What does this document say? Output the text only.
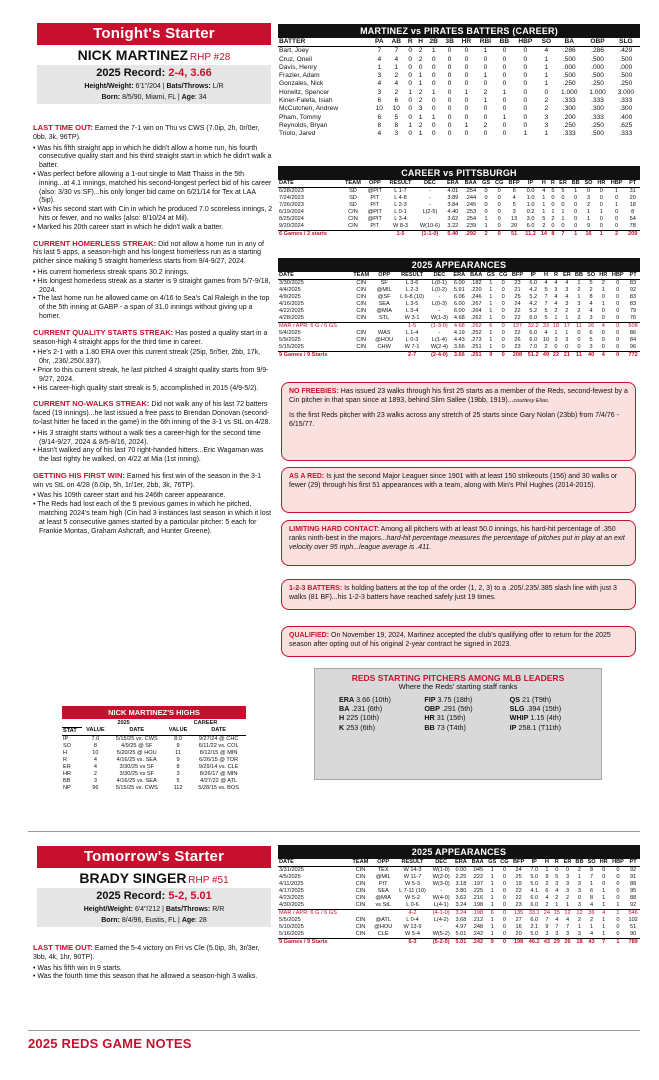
Tonight's Starter
NICK MARTINEZ RHP #28
2025 Record: 2-4, 3.66
Height/Weight: 6'1"/204 | Bats/Throws: L/R
Born: 8/5/90, Miami, FL | Age: 34

LAST TIME OUT: Earned the 7-1 win on Thu vs CWS (7.0ip, 2h, 0r/0er, 0bb, 3k, 96TP).

• Was his fifth straight app in which he didn't allow a home run, his fourth consecutive quality start and his third straight start in which he didn't walk a batter.
• Was perfect before allowing a 1-out single to Matt Thaiss in the 5th inning...at 4.1 innings, matched his second-longest perfect bid of his career (also: 3/30 vs SF)...his only longer bid came on 6/21/14 for Tex at LAA (5ip).
• Was his second start with Cin in which he produced 7.0 scoreless innings, 2 hits or fewer, and no walks (also: 8/10/24 at Mil).
• Marked his 20th career start in which he didn't walk a batter.

CURRENT HOMERLESS STREAK: Did not allow a home run in any of his last 5 apps, a season-high and his longest homerless run as a starting pitcher since making 5 straight homerless starts from 9/4-9/27, 2024.

• His current homerless streak spans 30.2 innings.
• His longest homerless streak as a starter is 9 straight games from 5/7-9/18, 2024.
• The last home run he allowed came on 4/16 to Sea's Cal Raleigh in the top of the 5th inning at GABP - a span of 31.0 innings without giving up a homer.

CURRENT QUALITY STARTS STREAK: Has posted a quality start in a season-high 4 straight apps for the third time in career.

• He's 2-1 with a 1.80 ERA over this current streak (25ip, 5r/5er, 2bb, 17k, 0hr, .236/.250/.337).
• Prior to this current streak, he last pitched 4 straight quality starts from 9/9-9/27, 2024.
• His career-high quality start streak is 5, accomplished in 2015 (4/9-5/2).

CURRENT NO-WALKS STREAK: Did not walk any of his last 72 batters faced (19 innings)...he last issued a free pass to Brendan Donovan (second-to-last hitter he faced in the game) in the 6th inning of the 3-1 vs StL on 4/28.

• His 3 straight starts without a walk ties a career-high for the second time (9/14-9/27, 2024 & 8/5-8/16, 2024).
• Hasn't walked any of his last 70 right-handed hitters...Eric Wagaman was the last righty he walked, on 4/22 at Mia (1st inning).

GETTING HIS FIRST WIN: Earned his first win of the season in the 3-1 win vs StL on 4/28 (6.0ip, 5h, 1r/1er, 2bb, 3k, 76TP).

• Was his 109th career start and his 246th career appearance.
• The Reds had lost each of the 5 previous games in which he pitched, matching 2024's team high (Cin had 3 instances last season in which it lost at least 5 consecutive games started by a particular pitcher: 5 each for Frankie Montas, Graham Ashcraft, and Hunter Greene).
NICK MARTINEZ'S HIGHS
	2025		CAREER	
STAT	VALUE	DATE	VALUE	DATE
IP	7.0	5/15/25 vs. CWS	8.0	9/27/24 @ CHC
SO	8	4/9/25 @ SF	9	6/11/22 vs. COL
H	10	5/20/25 @ HOU	11	8/12/15 @ MIN
R	4	4/16/25 vs. SEA	9	6/26/15 @ TOR
ER	4	3/30/25 vs SF	8	9/29/14 vs. CLE
HR	2	3/30/25 vs SF	3	8/26/17 @ MIN
BB	3	4/16/25 vs. SEA	5	4/27/22 @ ATL
NP	96	5/15/25 vs. CWS	112	5/28/15 vs. BOS
MARTINEZ vs PIRATES BATTERS (CAREER)
BATTER	PA	AB	R	H	2B	3B	HR	RBI	BB	HBP	SO	BA	OBP	SLG
Bart, Joey	7	7	0	2	1	0	0	1	0	0	4	.286	.286	.429
Cruz, Oneil	4	4	0	2	0	0	0	0	0	0	1	.500	.500	.500
Davis, Henry	1	1	0	0	0	0	0	0	0	0	1	.000	.000	.000
Frazier, Adam	3	2	0	1	0	0	0	1	0	0	1	.500	.500	.500
Gonzales, Nick	4	4	0	1	0	0	0	0	0	0	1	.250	.250	.250
Horwitz, Spencer	3	2	1	2	1	0	1	2	1	0	0	1.000	1.000	3.000
Kiner-Falefa, Isiah	6	6	0	2	0	0	0	1	0	0	2	.333	.333	.333
McCutchen, Andrew	10	10	0	3	0	0	0	0	0	0	2	.300	.300	.300
Pham, Tommy	6	5	0	1	1	0	0	0	1	0	3	.200	.333	.400
Reynolds, Bryan	8	8	1	2	0	0	1	2	0	0	3	.250	.250	.625
Triolo, Jared	4	3	0	1	0	0	0	0	0	1	1	.333	.500	.333
CAREER vs PITTSBURGH
DATE	TEAM	OPP	RESULT	DEC	ERA	BAA	GS	CG	BFP	IP	H	R	ER	BB	SO	HR	HBP	PT
6/28/2023	SD	@PIT	L 1-7	-	4.01	.254	0	0	6	0.0	4	5	5	1	0	0	1	31
7/24/2023	SD	PIT	L 4-8	-	3.89	.244	0	0	4	1.0	1	0	0	0	3	0	0	20
7/26/2023	SD	PIT	L 2-3	-	3.84	.245	0	0	5	1.0	1	0	0	0	2	0	1	18
6/19/2024	CIN	@PIT	L 0-1	L(2-5)	4.40	.253	0	0	3	0.2	1	1	1	0	1	1	0	8
8/25/2024	CIN	@PIT	L 3-4	-	3.62	.254	1	0	13	3.0	5	2	1	0	1	0	0	54
9/20/2024	CIN	PIT	W 8-3	W(10-6)	3.22	.239	1	0	20	6.0	2	0	0	0	9	0	0	78
6 Games / 2 starts			1-5	(1-1-0)	5.40	.292	2	0	51	11.2	14	8	7	1	16	1	2	209
2025 APPEARANCES
DATE	TEAM	OPP	RESULT	DEC	ERA	BAA	GS	CG	BFP	IP	H	R	ER	BB	SO	HR	HBP	PT
3/30/2025	CIN	SF	L 3-6	L(0-1)	6.00	.182	1	0	23	6.0	4	4	4	1	5	2	0	83
4/4/2025	CIN	@MIL	L 2-3	L(0-2)	5.91	.220	1	0	21	4.2	5	3	3	2	2	1	0	92
4/9/2025	CIN	@SF	L 6-8 (10)	-	6.06	.246	1	0	25	5.2	7	4	4	1	8	0	0	83
4/16/2025	CIN	SEA	L 3-5	L(0-3)	6.00	.267	1	0	24	4.2	7	4	3	3	4	1	0	83
4/22/2025	CIN	@MIA	L 3-4	-	6.00	.264	1	0	22	5.2	5	2	2	2	4	0	0	79
4/28/2025	CIN	STL	W 3-1	W(1-3)	4.68	.262	1	0	22	6.0	5	1	1	2	3	0	0	76
MAR / APR: 6 G / 6 GS			1-5	(1-3-0)	4.68	.262	6	0	137	32.2	33	18	17	11	26	4	0	508
5/4/2025	CIN	WAS	L 1-4	-	4.19	.252	1	0	22	6.0	4	1	1	0	6	0	0	86
5/9/2025	CIN	@HOU	L 0-3	L(1-4)	4.43	.273	1	0	26	6.0	10	3	3	0	5	0	0	84
5/15/2025	CIN	CHW	W 7-1	W(2-4)	3.66	.251	1	0	23	7.0	2	0	0	0	3	0	0	96
9 Games / 9 Starts			2-7	(2-4-0)	3.66	.251	9	0	208	51.2	49	22	21	11	40	4	0	772

NO FREEBIES: Has issued 23 walks through his first 25 starts as a member of the Reds, second-fewest by a Cin pitcher in that span since at 1893, behind Slim Sallee (19bb, 1919)...courtesy Elias.

Is the first Reds pitcher with 23 walks across any stretch of 25 starts since Gary Nolan (23bb) from 7/4/76 - 6/15/77.

AS A RED: Is just the second Major Leaguer since 1901 with at least 150 strikeouts (156) and 30 walks or fewer (29) through his first 51 appearances with a team, along with Min's Phil Hughes (2014-2015).
LIMITING HARD CONTACT: Among all pitchers with at least 50.0 innings, his hard-hit percentage of .350 ranks ninth-best in the majors...hard-hit percentage measures the percentage of pitches put in play at an exit velocity over 95 mph...league average is .411.
1-2-3 BATTERS: Is holding batters at the top of the order (1, 2, 3) to a .205/.235/.385 slash line with just 3 walks (81 BF)...his 1-2-3 batters have reached safely just 19 times.
QUALIFIED: On November 19, 2024, Martinez accepted the club's qualifying offer to return for the 2025 season after opting out of his original 2-year contract he signed in 2023.
REDS STARTING PITCHERS AMONG MLB LEADERS
Where the Reds' starting staff ranks
ERA 3.66 (10th)	FIP 3.75 (18th)	QS 21 (T9th)
BA .231 (6th)	OBP .291 (5th)	SLG .394 (15th)
H 225 (10th)	HR 31 (15th)	WHIP 1.15 (4th)
K 253 (6th)	BB 73 (T4th)	IP 258.1 (T11th)
Tomorrow's Starter
BRADY SINGER RHP #51
2025 Record: 5-2, 5.01
Height/Weight: 6'4"/212 | Bats/Throws: R/R
Born: 8/4/96, Eustis, FL | Age: 28

LAST TIME OUT: Earned the 5-4 victory on Fri vs Cle (5.0ip, 3h, 3r/3er, 3bb, 4k, 1hr, 90TP).

• Was his fifth win in 9 starts.
• Was the fourth time this season that he allowed a season-high 3 walks.
2025 APPEARANCES
DATE	TEAM	OPP	RESULT	DEC	ERA	BAA	GS	CG	BFP	IP	H	R	ER	BB	SO	HR	HBP	PT
3/31/2025	CIN	TEX	W 14-3	W(1-0)	0.00	.045	1	0	24	7.0	1	0	0	2	8	0	0	92
4/5/2025	CIN	@MIL	W 11-7	W(2-0)	2.25	.222	1	0	25	5.0	9	5	3	1	7	0	0	91
4/11/2025	CIN	PIT	W 5-3	W(3-0)	3.18	.197	1	0	19	5.0	2	3	3	3	1	0	0	88
4/17/2025	CIN	SEA	L 7-11 (10)	-	3.80	.225	1	0	22	4.1	6	4	3	3	6	1	0	95
4/23/2025	CIN	@MIA	W 5-2	W(4-0)	3.62	.216	1	0	22	6.0	4	2	2	0	8	1	0	88
4/30/2025	CIN	vs StL	L 0-6	L(4-1)	3.24	.198	1	0	23	6.0	2	1	1	3	4	1	1	92
MAR / APR: 6 G / 6 GS			4-2	(4-1-0)	3.24	.198	6	0	135	33.1	24	15	12	12	36	4	1	546
5/5/2025	CIN	@ATL	L 0-4	L(4-2)	3.68	.212	1	0	27	6.0	7	4	4	2	2	1	0	102
5/10/2025	CIN	@HOU	W 13-9	-	4.97	.248	1	0	16	2.1	9	7	7	1	1	1	0	51
5/16/2025	CIN	CLE	W 5-4	W(5-2)	5.01	.242	1	0	20	5.0	3	3	3	3	4	1	0	90
9 Games / 9 Starts			6-3	(5-2-0)	5.01	.242	9	0	198	46.2	43	29	26	18	43	7	1	789
2025 REDS GAME NOTES
